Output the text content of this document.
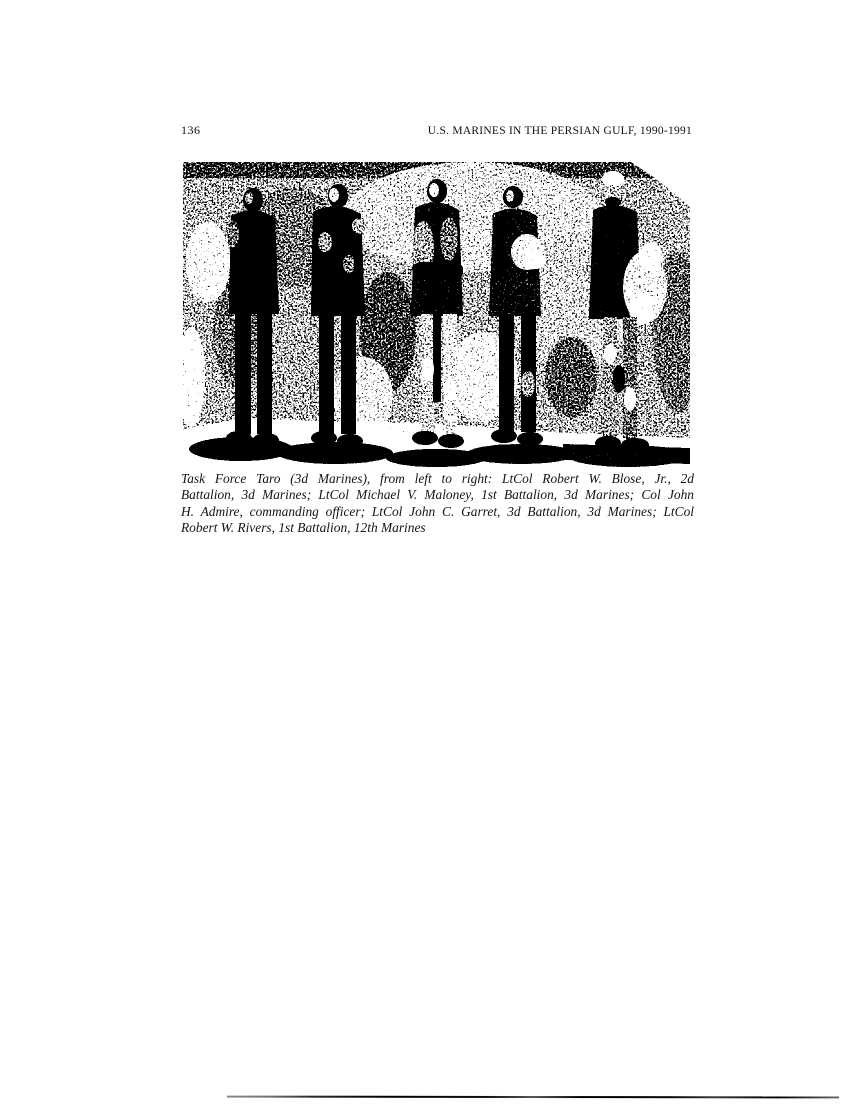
136	U.S. MARINES IN THE PERSIAN GULF, 1990-1991
Task Force Taro (3d Marines), from left to right: LtCol Robert W. Blose, Jr., 2d
Battalion, 3d Marines; LtCol Michael V. Maloney, 1st Battalion, 3d Marines; Col John
H. Admire, commanding officer; LtCol John C. Garret, 3d Battalion, 3d Marines; LtCol
Robert W. Rivers, 1st Battalion, 12th Marines
